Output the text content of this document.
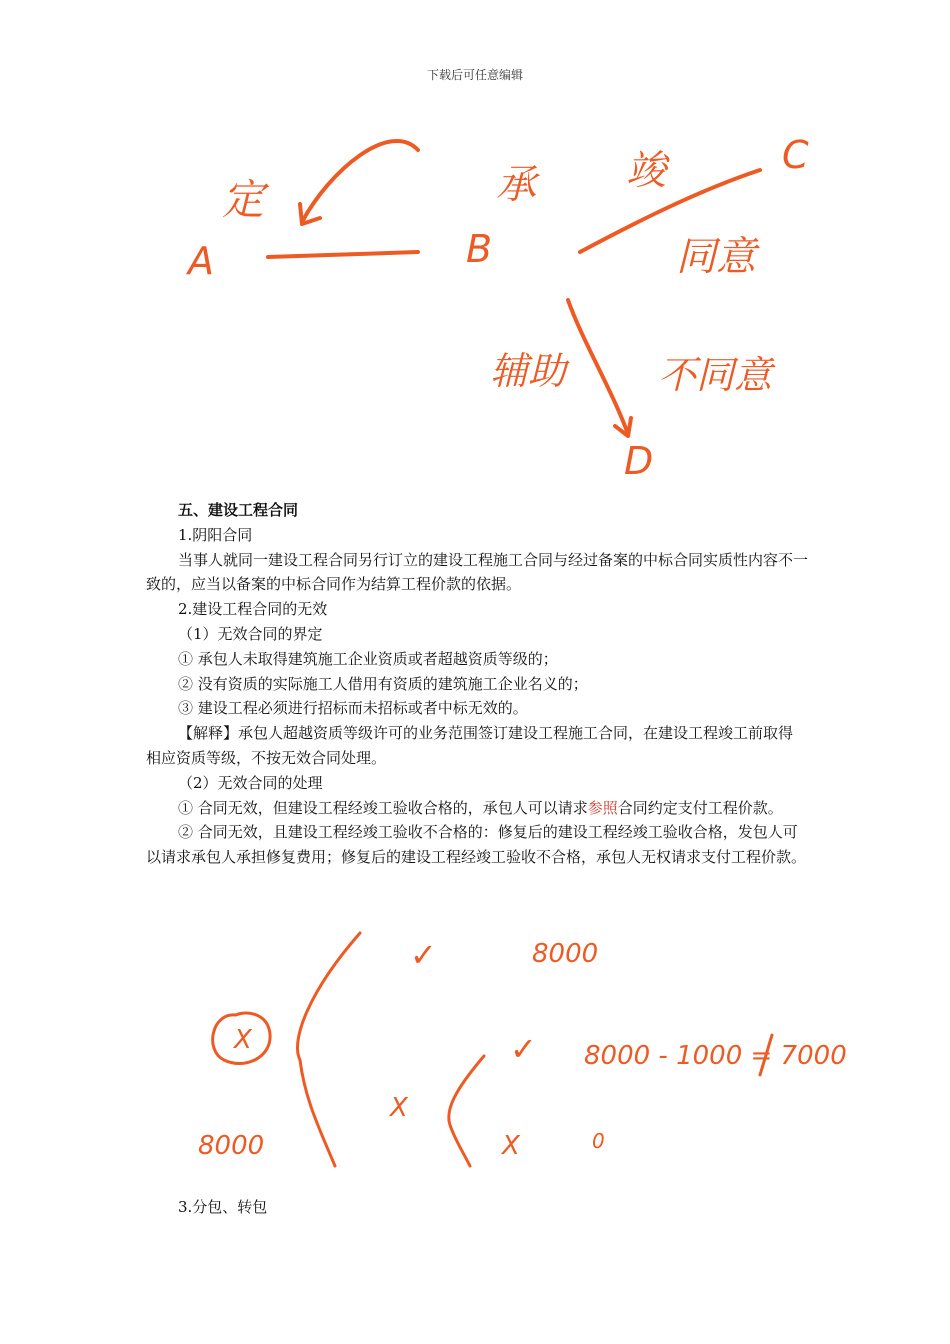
下载后可任意编辑
A	B
C
D
定	承 竣
同意
辅助 不同意

五、建设工程合同

1.阴阳合同

当事人就同一建设工程合同另行订立的建设工程施工合同与经过备案的中标合同实质性内容不一致的，应当以备案的中标合同作为结算工程价款的依据。

2.建设工程合同的无效

（1）无效合同的界定

① 承包人未取得建筑施工企业资质或者超越资质等级的；

② 没有资质的实际施工人借用有资质的建筑施工企业名义的；

③ 建设工程必须进行招标而未招标或者中标无效的。

【解释】承包人超越资质等级许可的业务范围签订建设工程施工合同，在建设工程竣工前取得相应资质等级，不按无效合同处理。

（2）无效合同的处理

① 合同无效，但建设工程经竣工验收合格的，承包人可以请求参照合同约定支付工程价款。

② 合同无效，且建设工程经竣工验收不合格的：修复后的建设工程经竣工验收合格，发包人可以请求承包人承担修复费用；修复后的建设工程经竣工验收不合格，承包人无权请求支付工程价款。

X
✓	8000
✓ 8000 - 1000 = 7000
X
8000	X	0

3.分包、转包
